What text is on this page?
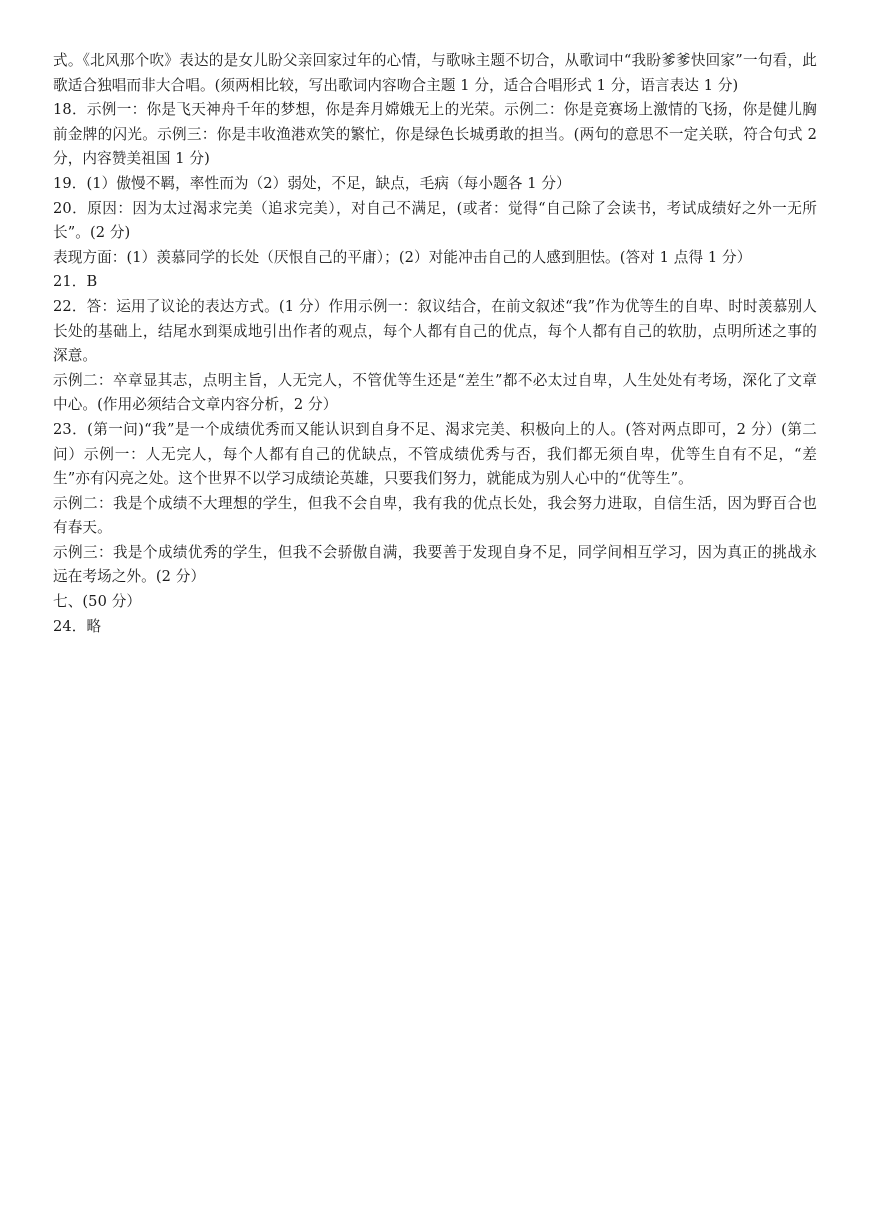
式。《北风那个吹》表达的是女儿盼父亲回家过年的心情，与歌咏主题不切合，从歌词中“我盼爹爹快回家”一句看，此歌适合独唱而非大合唱。(须两相比较，写出歌词内容吻合主题 1 分，适合合唱形式 1 分，语言表达 1 分)

18．示例一：你是飞天神舟千年的梦想，你是奔月嫦娥无上的光荣。示例二：你是竞赛场上激情的飞扬，你是健儿胸前金牌的闪光。示例三：你是丰收渔港欢笑的繁忙，你是绿色长城勇敢的担当。(两句的意思不一定关联，符合句式 2 分，内容赞美祖国 1 分)

19．(1）傲慢不羁，率性而为（2）弱处，不足，缺点，毛病（每小题各 1 分）

20．原因：因为太过渴求完美（追求完美），对自己不满足，(或者：觉得“自己除了会读书，考试成绩好之外一无所长”。(2 分)

表现方面：(1）羡慕同学的长处（厌恨自己的平庸）；(2）对能冲击自己的人感到胆怯。(答对 1 点得 1 分）

21．B

22．答：运用了议论的表达方式。(1 分）作用示例一：叙议结合，在前文叙述“我”作为优等生的自卑、时时羡慕别人长处的基础上，结尾水到渠成地引出作者的观点，每个人都有自己的优点，每个人都有自己的软肋，点明所述之事的深意。

示例二：卒章显其志，点明主旨，人无完人，不管优等生还是“差生”都不必太过自卑，人生处处有考场，深化了文章中心。(作用必须结合文章内容分析，2 分）

23．(第一问)“我”是一个成绩优秀而又能认识到自身不足、渴求完美、积极向上的人。(答对两点即可，2 分）(第二问）示例一：人无完人，每个人都有自己的优缺点，不管成绩优秀与否，我们都无须自卑，优等生自有不足，“差生”亦有闪亮之处。这个世界不以学习成绩论英雄，只要我们努力，就能成为别人心中的“优等生”。

示例二：我是个成绩不大理想的学生，但我不会自卑，我有我的优点长处，我会努力进取，自信生活，因为野百合也有春天。

示例三：我是个成绩优秀的学生，但我不会骄傲自满，我要善于发现自身不足，同学间相互学习，因为真正的挑战永远在考场之外。(2 分）

七、(50 分）

24．略
